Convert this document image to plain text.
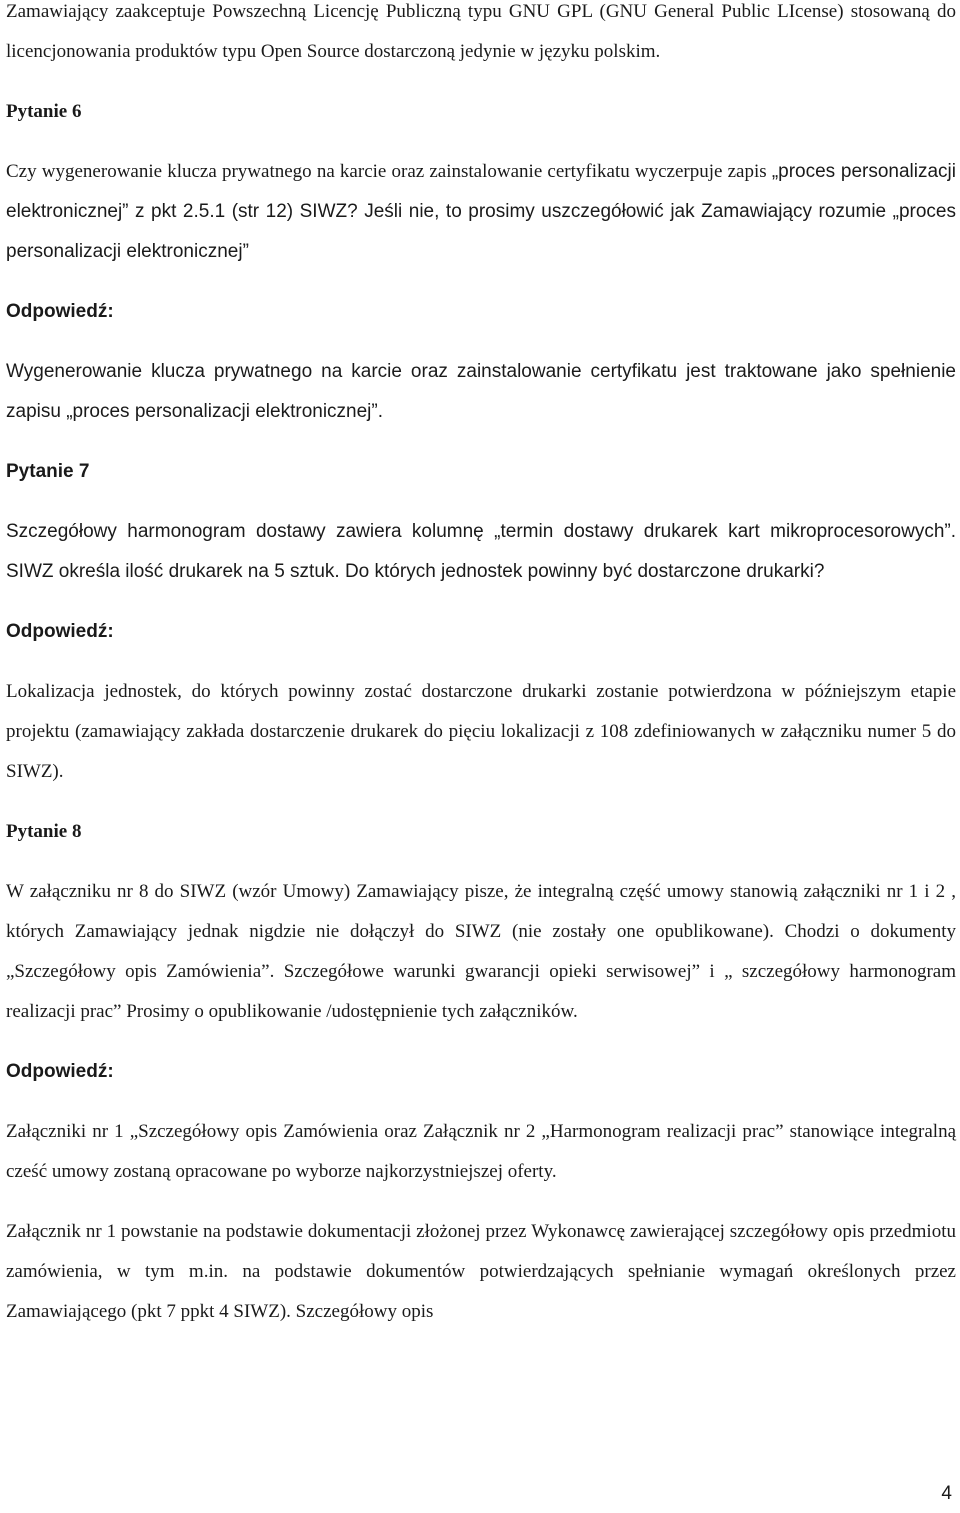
Zamawiający zaakceptuje Powszechną Licencję Publiczną typu GNU GPL (GNU General Public LIcense) stosowaną do licencjonowania produktów typu Open Source dostarczoną jedynie w języku polskim.

Pytanie 6

Czy wygenerowanie klucza prywatnego na karcie oraz zainstalowanie certyfikatu wyczerpuje zapis „proces personalizacji elektronicznej” z pkt 2.5.1 (str 12) SIWZ? Jeśli nie, to prosimy uszczegółowić jak Zamawiający rozumie „proces personalizacji elektronicznej”

Odpowiedź:

Wygenerowanie klucza prywatnego na karcie oraz zainstalowanie certyfikatu jest traktowane jako spełnienie zapisu „proces personalizacji elektronicznej”.

Pytanie 7

Szczegółowy harmonogram dostawy zawiera kolumnę „termin dostawy drukarek kart mikroprocesorowych”. SIWZ określa ilość drukarek na 5 sztuk. Do których jednostek powinny być dostarczone drukarki?

Odpowiedź:

Lokalizacja jednostek, do których powinny zostać dostarczone drukarki zostanie potwierdzona w późniejszym etapie projektu (zamawiający zakłada dostarczenie drukarek do pięciu lokalizacji z 108 zdefiniowanych w załączniku numer 5 do SIWZ).

Pytanie 8

W załączniku nr 8 do SIWZ (wzór Umowy) Zamawiający pisze, że integralną część umowy stanowią załączniki nr 1 i 2 , których Zamawiający jednak nigdzie nie dołączył do SIWZ (nie zostały one opublikowane). Chodzi o dokumenty „Szczegółowy opis Zamówienia”. Szczegółowe warunki gwarancji opieki serwisowej” i „ szczegółowy harmonogram realizacji prac” Prosimy o opublikowanie /udostępnienie tych załączników.

Odpowiedź:

Załączniki nr 1 „Szczegółowy opis Zamówienia oraz Załącznik nr 2 „Harmonogram realizacji prac” stanowiące integralną cześć umowy zostaną opracowane po wyborze najkorzystniejszej oferty.

Załącznik nr 1 powstanie na podstawie dokumentacji złożonej przez Wykonawcę zawierającej szczegółowy opis przedmiotu zamówienia, w tym m.in. na podstawie dokumentów potwierdzających spełnianie wymagań określonych przez Zamawiającego (pkt 7 ppkt 4 SIWZ). Szczegółowy opis

4
